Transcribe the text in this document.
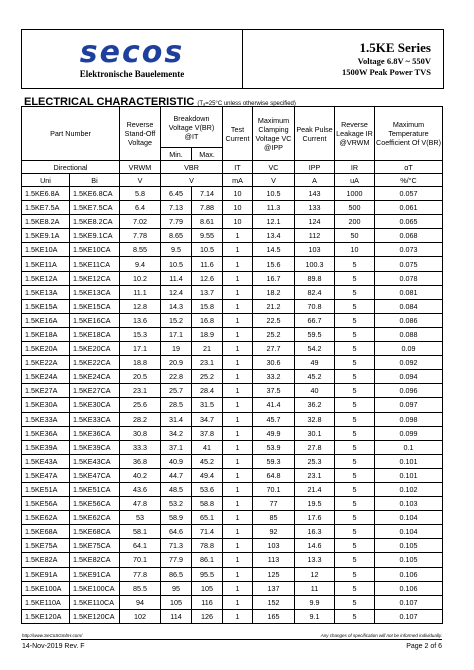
secos
Elektronische Bauelemente
1.5KE Series
Voltage 6.8V ~ 550V
1500W Peak Power TVS
ELECTRICAL CHARACTERISTIC (Tₐ=25°C unless otherwise specified)
Part Number		Reverse Stand-Off Voltage	Breakdown Voltage V(BR) @IT		Test Current	Maximum Clamping Voltage VC @IPP	Peak Pulse Current	Reverse Leakage IR @VRWM	Maximum Temperature Coefficient Of V(BR)
			Min.	Max.					
Directional		VRWM	VBR		IT	VC	IPP	IR	αT
Uni	Bi	V	V		mA	V	A	uA	%/°C
1.5KE6.8A	1.5KE6.8CA	5.8	6.45	7.14	10	10.5	143	1000	0.057
1.5KE7.5A	1.5KE7.5CA	6.4	7.13	7.88	10	11.3	133	500	0.061
1.5KE8.2A	1.5KE8.2CA	7.02	7.79	8.61	10	12.1	124	200	0.065
1.5KE9.1A	1.5KE9.1CA	7.78	8.65	9.55	1	13.4	112	50	0.068
1.5KE10A	1.5KE10CA	8.55	9.5	10.5	1	14.5	103	10	0.073
1.5KE11A	1.5KE11CA	9.4	10.5	11.6	1	15.6	100.3	5	0.075
1.5KE12A	1.5KE12CA	10.2	11.4	12.6	1	16.7	89.8	5	0.078
1.5KE13A	1.5KE13CA	11.1	12.4	13.7	1	18.2	82.4	5	0.081
1.5KE15A	1.5KE15CA	12.8	14.3	15.8	1	21.2	70.8	5	0.084
1.5KE16A	1.5KE16CA	13.6	15.2	16.8	1	22.5	66.7	5	0.086
1.5KE18A	1.5KE18CA	15.3	17.1	18.9	1	25.2	59.5	5	0.088
1.5KE20A	1.5KE20CA	17.1	19	21	1	27.7	54.2	5	0.09
1.5KE22A	1.5KE22CA	18.8	20.9	23.1	1	30.6	49	5	0.092
1.5KE24A	1.5KE24CA	20.5	22.8	25.2	1	33.2	45.2	5	0.094
1.5KE27A	1.5KE27CA	23.1	25.7	28.4	1	37.5	40	5	0.096
1.5KE30A	1.5KE30CA	25.6	28.5	31.5	1	41.4	36.2	5	0.097
1.5KE33A	1.5KE33CA	28.2	31.4	34.7	1	45.7	32.8	5	0.098
1.5KE36A	1.5KE36CA	30.8	34.2	37.8	1	49.9	30.1	5	0.099
1.5KE39A	1.5KE39CA	33.3	37.1	41	1	53.9	27.8	5	0.1
1.5KE43A	1.5KE43CA	36.8	40.9	45.2	1	59.3	25.3	5	0.101
1.5KE47A	1.5KE47CA	40.2	44.7	49.4	1	64.8	23.1	5	0.101
1.5KE51A	1.5KE51CA	43.6	48.5	53.6	1	70.1	21.4	5	0.102
1.5KE56A	1.5KE56CA	47.8	53.2	58.8	1	77	19.5	5	0.103
1.5KE62A	1.5KE62CA	53	58.9	65.1	1	85	17.6	5	0.104
1.5KE68A	1.5KE68CA	58.1	64.6	71.4	1	92	16.3	5	0.104
1.5KE75A	1.5KE75CA	64.1	71.3	78.8	1	103	14.6	5	0.105
1.5KE82A	1.5KE82CA	70.1	77.9	86.1	1	113	13.3	5	0.105
1.5KE91A	1.5KE91CA	77.8	86.5	95.5	1	125	12	5	0.106
1.5KE100A	1.5KE100CA	85.5	95	105	1	137	11	5	0.106
1.5KE110A	1.5KE110CA	94	105	116	1	152	9.9	5	0.107
1.5KE120A	1.5KE120CA	102	114	126	1	165	9.1	5	0.107
http://www.SeCoSGmbH.com/	Any changes of specification will not be informed individually.
14-Nov-2019 Rev. F	Page 2 of 6
